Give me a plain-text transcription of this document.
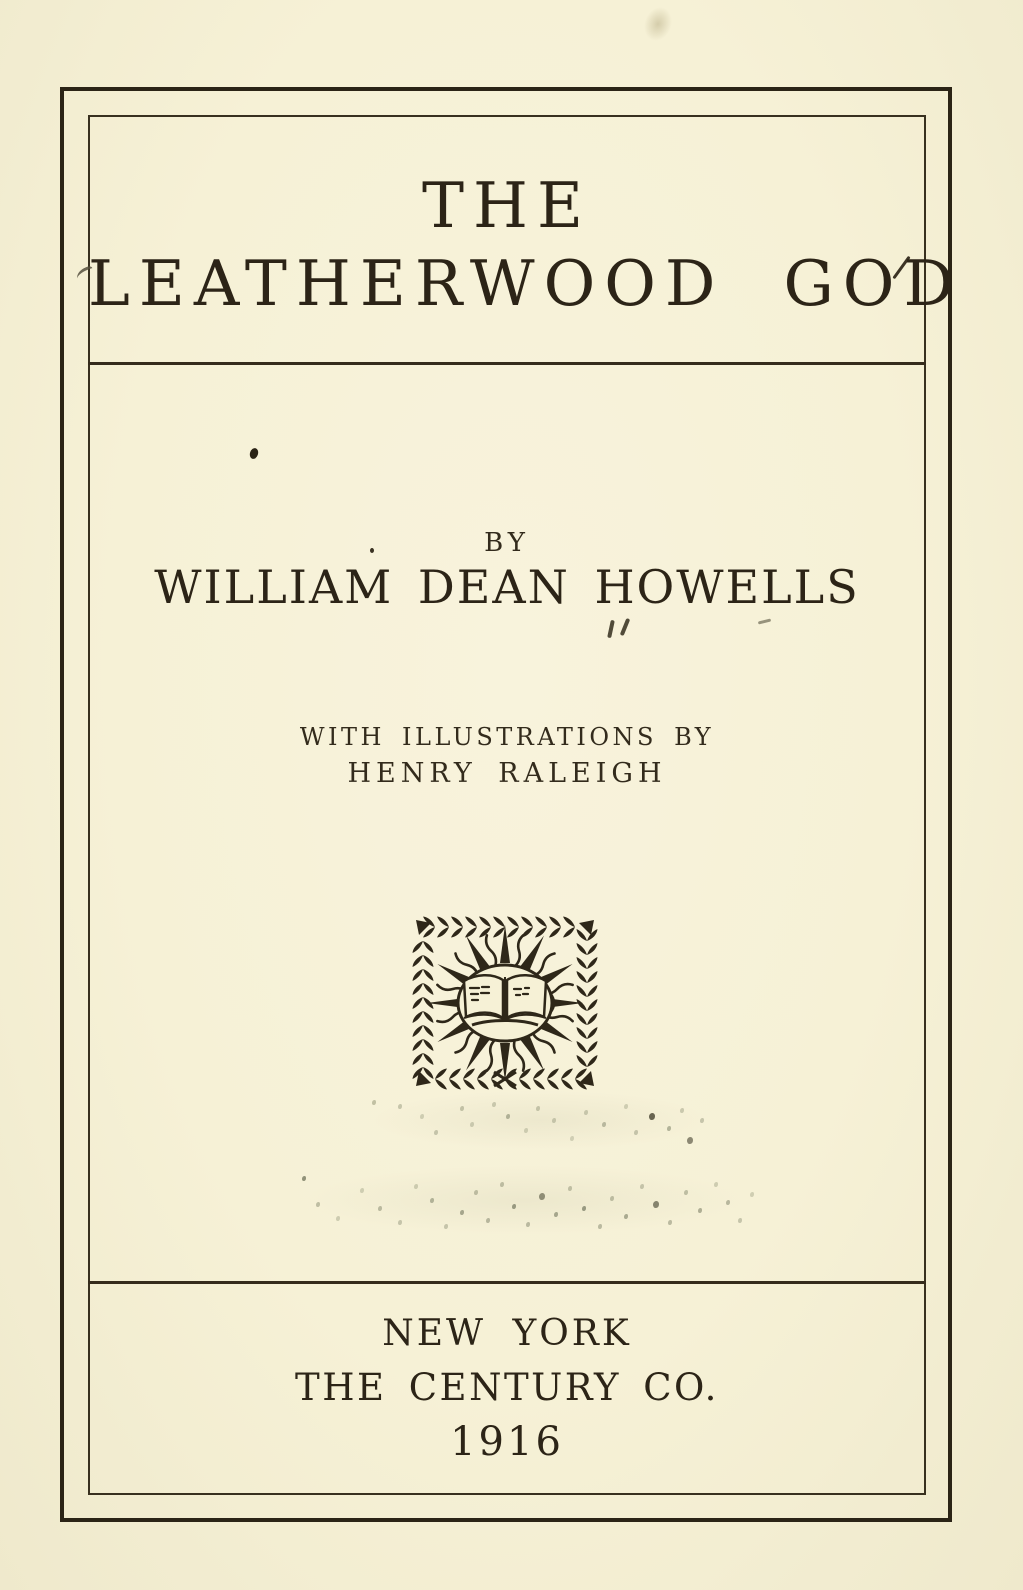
THE
LEATHERWOOD GOD
BY
WILLIAM DEAN HOWELLS
WITH ILLUSTRATIONS BY
HENRY RALEIGH
NEW YORK
THE CENTURY CO.
1916
